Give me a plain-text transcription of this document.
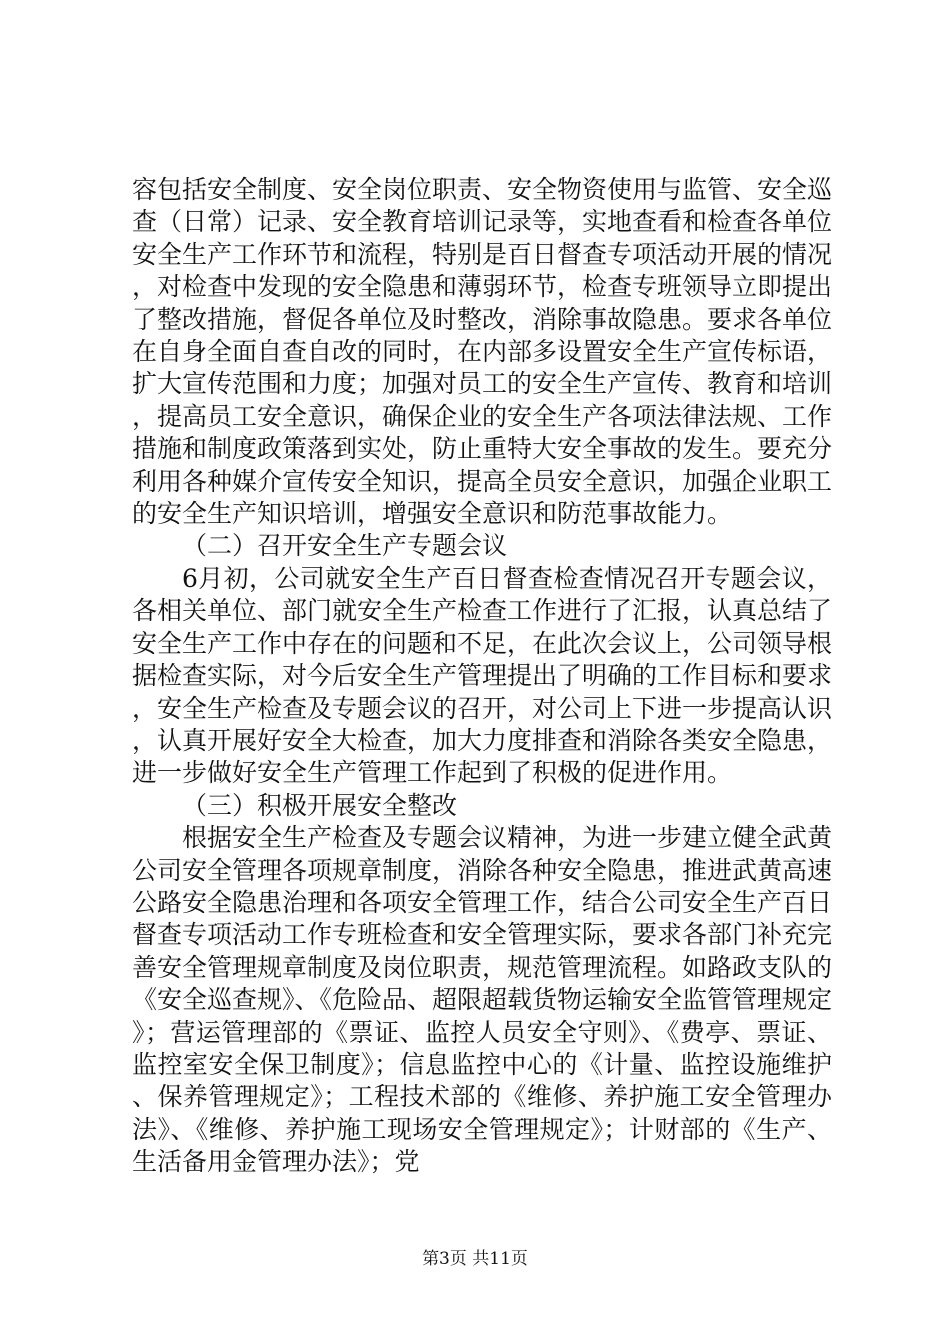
容包括安全制度、安全岗位职责、安全物资使用与监管、安全巡查（日常）记录、安全教育培训记录等，实地查看和检查各单位安全生产工作环节和流程，特别是百日督查专项活动开展的情况，对检查中发现的安全隐患和薄弱环节，检查专班领导立即提出了整改措施，督促各单位及时整改，消除事故隐患。要求各单位在自身全面自查自改的同时，在内部多设置安全生产宣传标语，扩大宣传范围和力度；加强对员工的安全生产宣传、教育和培训，提高员工安全意识，确保企业的安全生产各项法律法规、工作措施和制度政策落到实处，防止重特大安全事故的发生。要充分利用各种媒介宣传安全知识，提高全员安全意识，加强企业职工的安全生产知识培训，增强安全意识和防范事故能力。

（二）召开安全生产专题会议

6月初，公司就安全生产百日督查检查情况召开专题会议，各相关单位、部门就安全生产检查工作进行了汇报，认真总结了安全生产工作中存在的问题和不足，在此次会议上，公司领导根据检查实际，对今后安全生产管理提出了明确的工作目标和要求，安全生产检查及专题会议的召开，对公司上下进一步提高认识，认真开展好安全大检查，加大力度排查和消除各类安全隐患，进一步做好安全生产管理工作起到了积极的促进作用。

（三）积极开展安全整改

根据安全生产检查及专题会议精神，为进一步建立健全武黄公司安全管理各项规章制度，消除各种安全隐患，推进武黄高速公路安全隐患治理和各项安全管理工作，结合公司安全生产百日督查专项活动工作专班检查和安全管理实际，要求各部门补充完善安全管理规章制度及岗位职责，规范管理流程。如路政支队的《安全巡查规》、《危险品、超限超载货物运输安全监管管理规定》；营运管理部的《票证、监控人员安全守则》、《费亭、票证、监控室安全保卫制度》；信息监控中心的《计量、监控设施维护、保养管理规定》；工程技术部的《维修、养护施工安全管理办法》、《维修、养护施工现场安全管理规定》；计财部的《生产、生活备用金管理办法》；党

第3页 共11页
